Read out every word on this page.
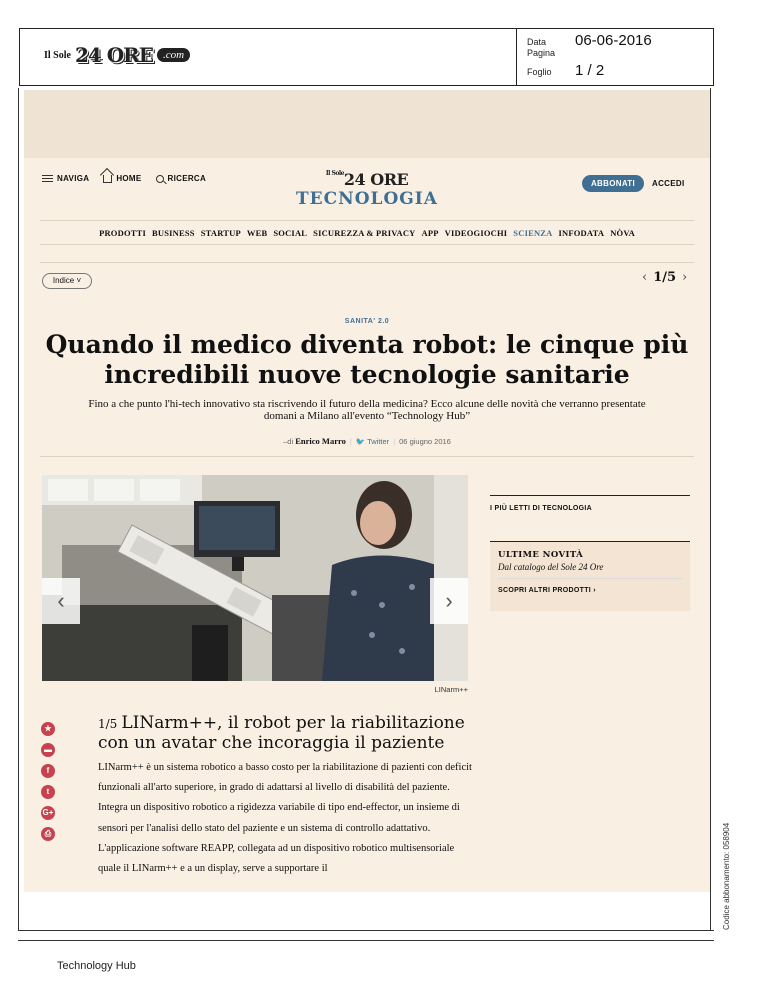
Il Sole 24 ORE .com
Data	06-06-2016
Pagina
Foglio	1 / 2
NAVIGA	HOME	RICERCA
$^{Il Sole}$24 ORE
TECNOLOGIA
ABBONATI	ACCEDI
PRODOTTI BUSINESS STARTUP WEB SOCIAL SICUREZZA & PRIVACY APP VIDEOGIOCHI SCIENZA INFODATA NÒVA
Indice ˅	‹ 1/5 ›
SANITA' 2.0
Quando il medico diventa robot: le cinque più incredibili nuove tecnologie sanitarie
Fino a che punto l'hi-tech innovativo sta riscrivendo il futuro della medicina? Ecco alcune delle novità che verranno presentate domani a Milano all'evento “Technology Hub”
–di Enrico Marro | 🐦 Twitter | 06 giugno 2016
‹	›
LINarm++
I PIÙ LETTI DI TECNOLOGIA
ULTIME NOVITÀ
Dal catalogo del Sole 24 Ore
SCOPRI ALTRI PRODOTTI ›
★
▬
f
t
G+
⎙
1/5 LINarm++, il robot per la riabilitazione con un avatar che incoraggia il paziente
LINarm++ è un sistema robotico a basso costo per la riabilitazione di pazienti con deficit funzionali all'arto superiore, in grado di adattarsi al livello di disabilità del paziente. Integra un dispositivo robotico a rigidezza variabile di tipo end-effector, un insieme di sensori per l'analisi dello stato del paziente e un sistema di controllo adattativo. L'applicazione software REAPP, collegata ad un dispositivo robotico multisensoriale quale il LINarm++ e a un display, serve a supportare il
Technology Hub
Codice abbonamento: 058904
